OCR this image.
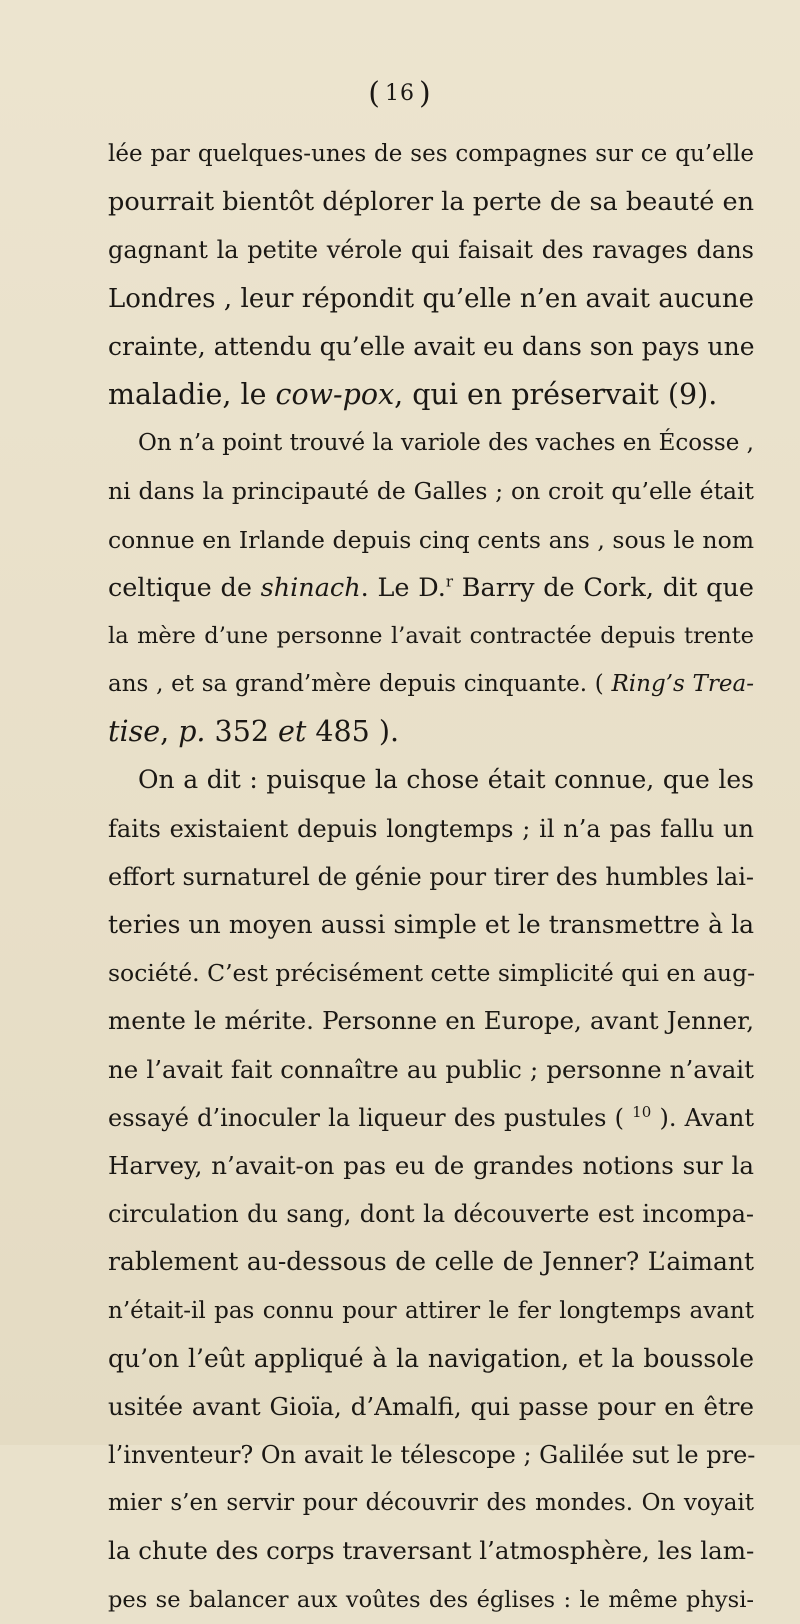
( 16 )
lée par quelques-unes de ses compagnes sur ce qu’elle
pourrait bientôt déplorer la perte de sa beauté en
gagnant la petite vérole qui faisait des ravages dans
Londres , leur répondit qu’elle n’en avait aucune
crainte, attendu qu’elle avait eu dans son pays une
maladie, le cow-pox, qui en préservait (9).
On n’a point trouvé la variole des vaches en Écosse ,
ni dans la principauté de Galles ; on croit qu’elle était
connue en Irlande depuis cinq cents ans , sous le nom
celtique de shinach. Le D.$^r$ Barry de Cork, dit que
la mère d’une personne l’avait contractée depuis trente
ans , et sa grand’mère depuis cinquante. ( Ring’s Trea-
tise, p. 352 et 485 ).
On a dit : puisque la chose était connue, que les
faits existaient depuis longtemps ; il n’a pas fallu un
effort surnaturel de génie pour tirer des humbles lai-
teries un moyen aussi simple et le transmettre à la
société. C’est précisément cette simplicité qui en aug-
mente le mérite. Personne en Europe, avant Jenner,
ne l’avait fait connaître au public ; personne n’avait
essayé d’inoculer la liqueur des pustules ( $^{10}$ ). Avant
Harvey, n’avait-on pas eu de grandes notions sur la
circulation du sang, dont la découverte est incompa-
rablement au-dessous de celle de Jenner? L’aimant
n’était-il pas connu pour attirer le fer longtemps avant
qu’on l’eût appliqué à la navigation, et la boussole
usitée avant Gioïa, d’Amalfi, qui passe pour en être
l’inventeur? On avait le télescope ; Galilée sut le pre-
mier s’en servir pour découvrir des mondes. On voyait
la chute des corps traversant l’atmosphère, les lam-
pes se balancer aux voûtes des églises : le même physi-
